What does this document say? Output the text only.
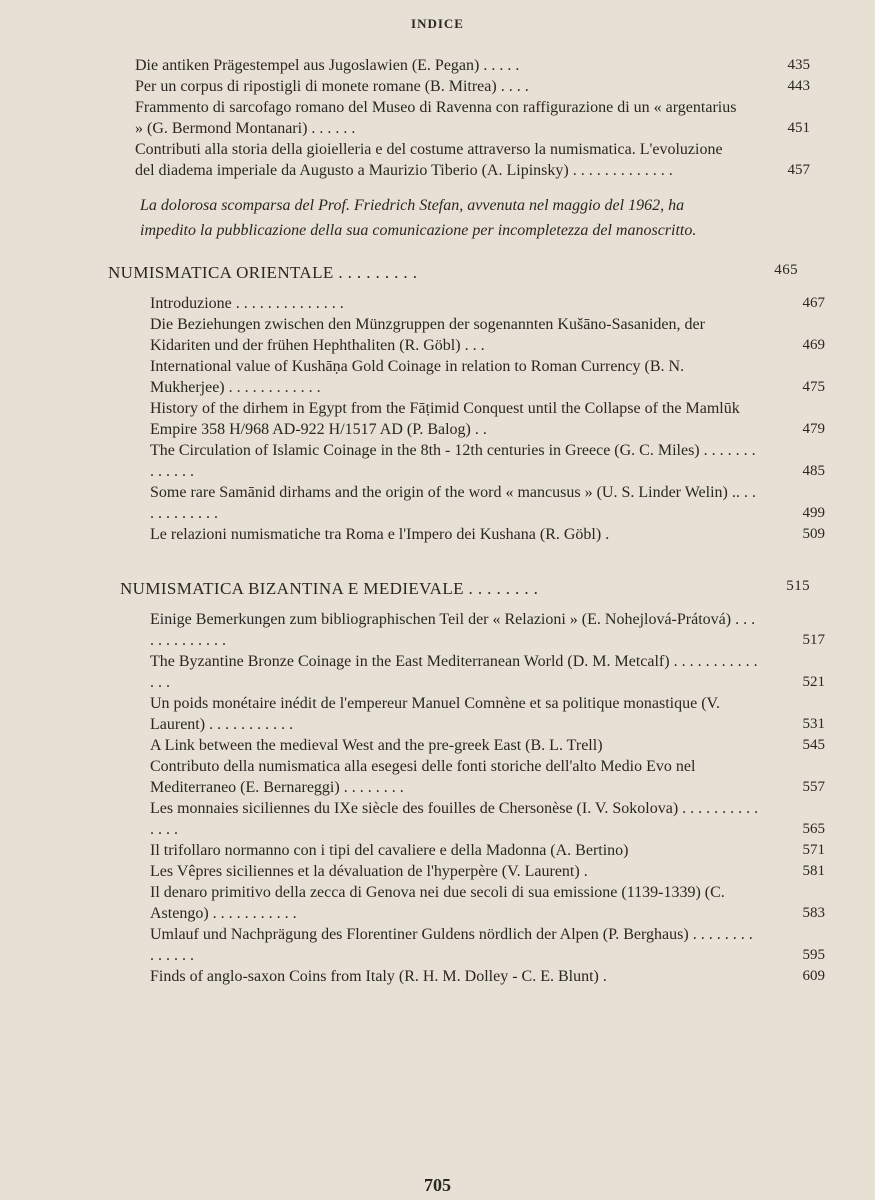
INDICE
Die antiken Prägestempel aus Jugoslawien (E. Pegan) . . . . .	435
Per un corpus di ripostigli di monete romane (B. Mitrea) . . . .	443
Frammento di sarcofago romano del Museo di Ravenna con raffigurazione di un « argentarius » (G. Bermond Montanari) . . . . . .	451
Contributi alla storia della gioielleria e del costume attraverso la numismatica. L'evoluzione del diadema imperiale da Augusto a Maurizio Tiberio (A. Lipinsky) . . . . . . . . . . . . .	457
La dolorosa scomparsa del Prof. Friedrich Stefan, avvenuta nel maggio del 1962, ha impedito la pubblicazione della sua comunicazione per incompletezza del manoscritto.
NUMISMATICA ORIENTALE . . . . . . . . .	465
Introduzione . . . . . . . . . . . . . .	467
Die Beziehungen zwischen den Münzgruppen der sogenannten Kušāno-Sasaniden, der Kidariten und der frühen Hephthaliten (R. Göbl) . . .	469
International value of Kushāṇa Gold Coinage in relation to Roman Currency (B. N. Mukherjee) . . . . . . . . . . . .	475
History of the dirhem in Egypt from the Fāṭimid Conquest until the Collapse of the Mamlūk Empire 358 H/968 AD-922 H/1517 AD (P. Balog) . .	479
The Circulation of Islamic Coinage in the 8th - 12th centuries in Greece (G. C. Miles) . . . . . . . . . . . . .	485
Some rare Samānid dirhams and the origin of the word « mancusus » (U. S. Linder Welin) .. . . . . . . . . . . .	499
Le relazioni numismatiche tra Roma e l'Impero dei Kushana (R. Göbl) .	509
NUMISMATICA BIZANTINA E MEDIEVALE . . . . . . . .	515
Einige Bemerkungen zum bibliographischen Teil der « Relazioni » (E. Nohejlová-Prátová) . . . . . . . . . . . . .	517
The Byzantine Bronze Coinage in the East Mediterranean World (D. M. Metcalf) . . . . . . . . . . . . . .	521
Un poids monétaire inédit de l'empereur Manuel Comnène et sa politique monastique (V. Laurent) . . . . . . . . . . .	531
A Link between the medieval West and the pre-greek East (B. L. Trell)	545
Contributo della numismatica alla esegesi delle fonti storiche dell'alto Medio Evo nel Mediterraneo (E. Bernareggi) . . . . . . . .	557
Les monnaies siciliennes du IXe siècle des fouilles de Chersonèse (I. V. Sokolova) . . . . . . . . . . . . . .	565
Il trifollaro normanno con i tipi del cavaliere e della Madonna (A. Bertino)	571
Les Vêpres siciliennes et la dévaluation de l'hyperpère (V. Laurent) .	581
Il denaro primitivo della zecca di Genova nei due secoli di sua emissione (1139-1339) (C. Astengo) . . . . . . . . . . .	583
Umlauf und Nachprägung des Florentiner Guldens nördlich der Alpen (P. Berghaus) . . . . . . . . . . . . . .	595
Finds of anglo-saxon Coins from Italy (R. H. M. Dolley - C. E. Blunt) .	609
705
